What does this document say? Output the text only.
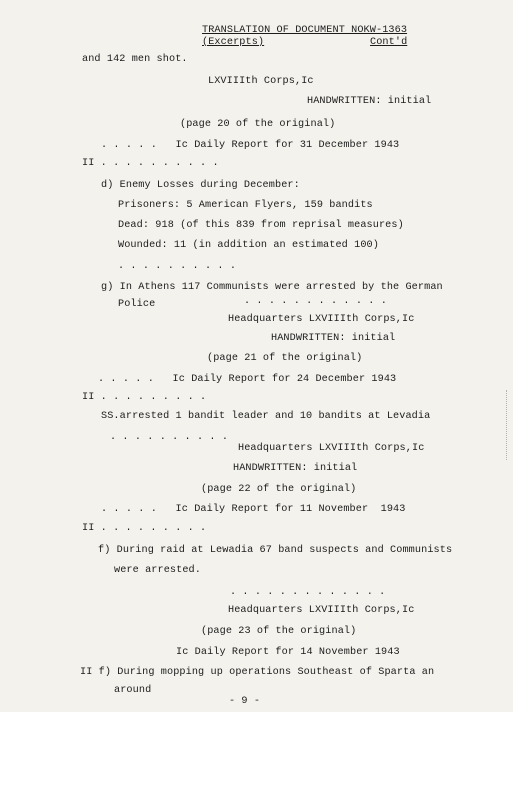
TRANSLATION OF DOCUMENT NOKW-1363
(Excerpts)	Cont'd
and 142 men shot.
LXVIIIth Corps,Ic
HANDWRITTEN: initial
(page 20 of the original)
. . . . .   Ic Daily Report for 31 December 1943
II . . . . . . . . . .
d) Enemy Losses during December:
Prisoners: 5 American Flyers, 159 bandits
Dead: 918 (of this 839 from reprisal measures)
Wounded: 11 (in addition an estimated 100)
. . . . . . . . . .
g) In Athens 117 Communists were arrested by the German
Police	. . . . . . . . . . . .
Headquarters LXVIIIth Corps,Ic
HANDWRITTEN: initial
(page 21 of the original)
. . . . .   Ic Daily Report for 24 December 1943
II . . . . . . . . .
SS.arrested 1 bandit leader and 10 bandits at Levadia
. . . . . . . . . .
Headquarters LXVIIIth Corps,Ic
HANDWRITTEN: initial
(page 22 of the original)
. . . . .   Ic Daily Report for 11 November  1943
II . . . . . . . . .
f) During raid at Lewadia 67 band suspects and Communists
were arrested.
. . . . . . . . . . . . .
Headquarters LXVIIIth Corps,Ic
(page 23 of the original)
Ic Daily Report for 14 November 1943
II f) During mopping up operations Southeast of Sparta an
around
- 9 -
